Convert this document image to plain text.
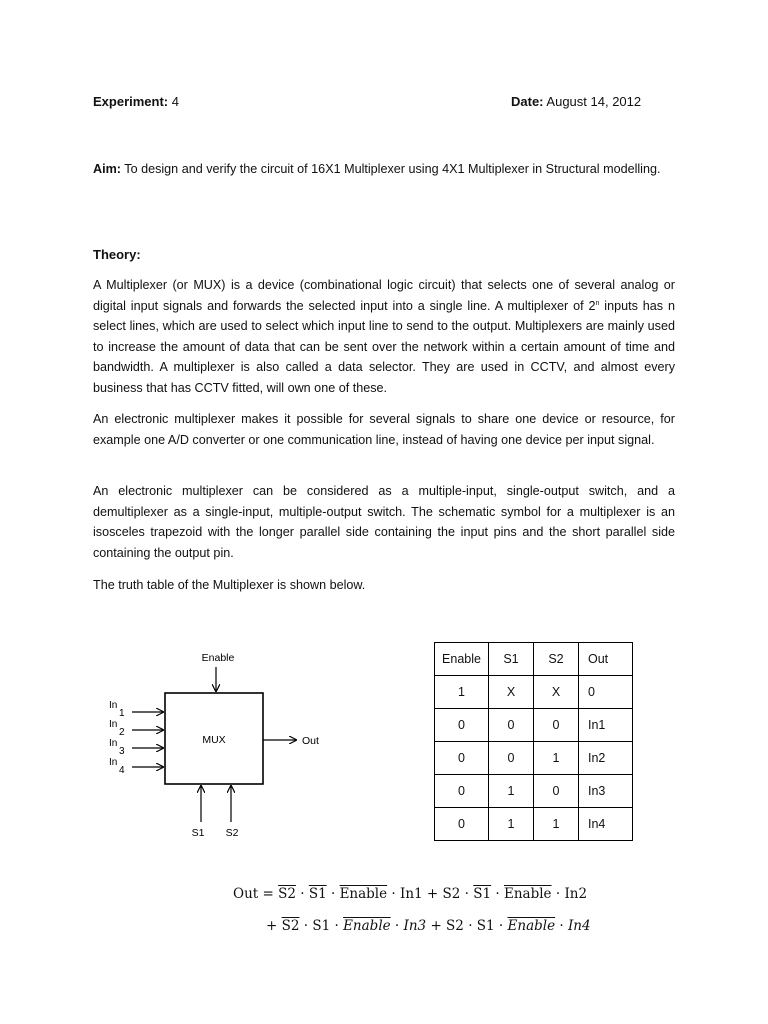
Experiment: 4	Date: August 14, 2012

Aim: To design and verify the circuit of 16X1 Multiplexer using 4X1 Multiplexer in Structural modelling.

Theory:

A Multiplexer (or MUX) is a device (combinational logic circuit) that selects one of several analog or digital input signals and forwards the selected input into a single line. A multiplexer of 2$^n$ inputs has n select lines, which are used to select which input line to send to the output. Multiplexers are mainly used to increase the amount of data that can be sent over the network within a certain amount of time and bandwidth. A multiplexer is also called a data selector. They are used in CCTV, and almost every business that has CCTV fitted, will own one of these.

An electronic multiplexer makes it possible for several signals to share one device or resource, for example one A/D converter or one communication line, instead of having one device per input signal.

An electronic multiplexer can be considered as a multiple-input, single-output switch, and a demultiplexer as a single-input, multiple-output switch. The schematic symbol for a multiplexer is an isosceles trapezoid with the longer parallel side containing the input pins and the short parallel side containing the output pin.

The truth table of the Multiplexer is shown below.

Enable
MUX	Out
In
1
In
2
In
3
In
4
S1 S2
Enable	S1	S2	Out
1	X	X	0
0	0	0	In1
0	0	1	In2
0	1	0	In3
0	1	1	In4
Out = S2 · S1 · Enable · In1 + S2 · S1 · Enable · In2
+ S2 · S1 · Enable · In3 + S2 · S1 · Enable · In4
